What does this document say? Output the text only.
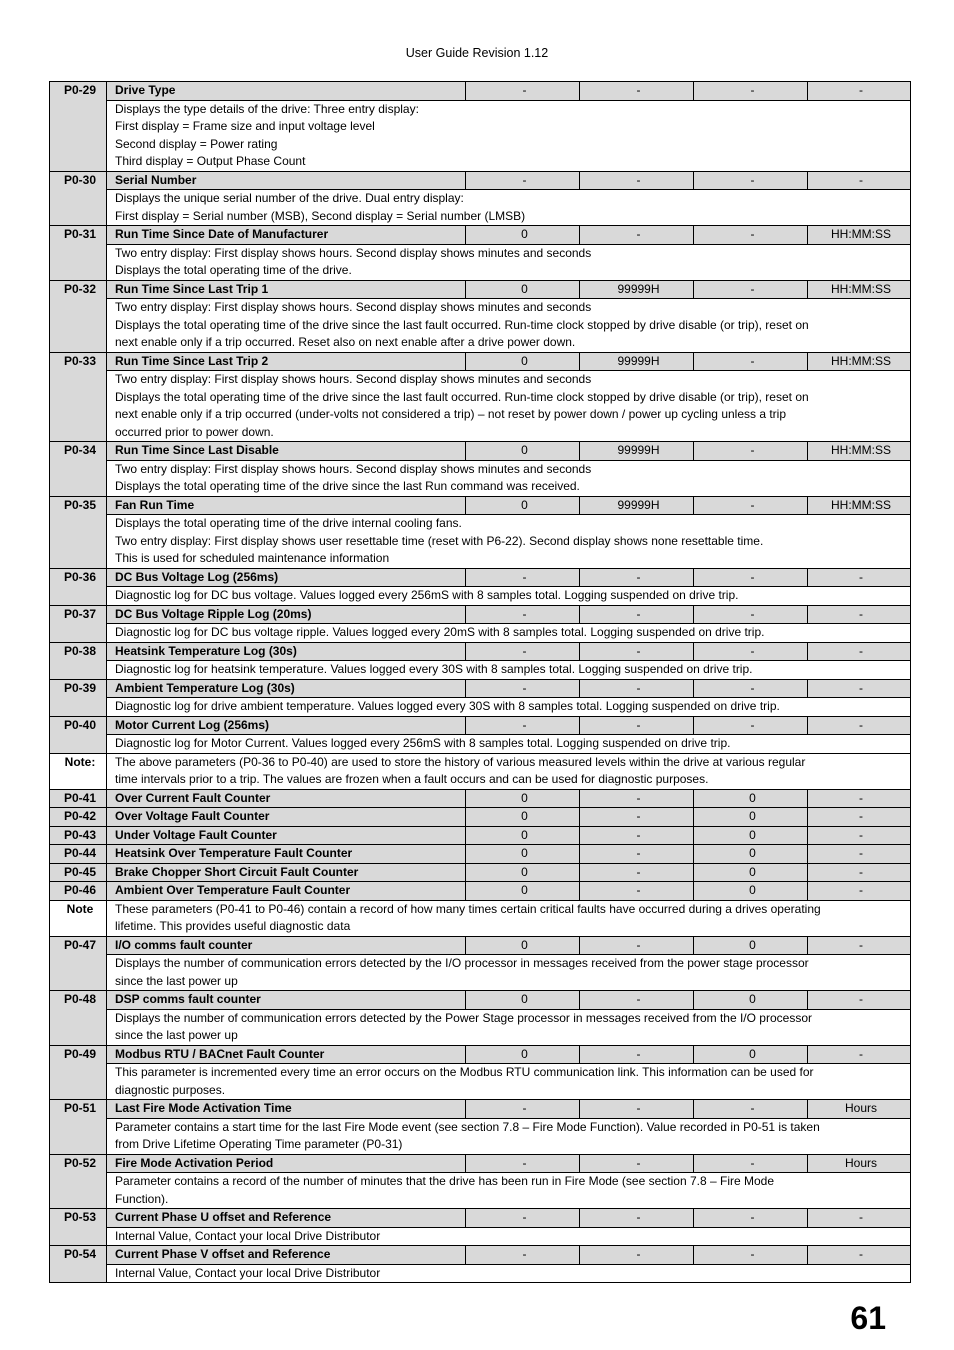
User Guide Revision 1.12
P0-29	Drive Type	-	-	-	-

	Displays the type details of the drive: Three entry display:
First display = Frame size and input voltage level
Second display = Power rating
Third display = Output Phase Count				

P0-30	Serial Number	-	-	-	-

	Displays the unique serial number of the drive. Dual entry display:
First display = Serial number (MSB), Second display = Serial number (LMSB)				

P0-31	Run Time Since Date of Manufacturer	0	-	-	HH:MM:SS

	Two entry display: First display shows hours. Second display shows minutes and seconds
Displays the total operating time of the drive.				

P0-32	Run Time Since Last Trip 1	0	99999H	-	HH:MM:SS

	Two entry display: First display shows hours. Second display shows minutes and seconds
Displays the total operating time of the drive since the last fault occurred. Run-time clock stopped by drive disable (or trip), reset on
next enable only if a trip occurred. Reset also on next enable after a drive power down.				

P0-33	Run Time Since Last Trip 2	0	99999H	-	HH:MM:SS

	Two entry display: First display shows hours. Second display shows minutes and seconds
Displays the total operating time of the drive since the last fault occurred. Run-time clock stopped by drive disable (or trip), reset on
next enable only if a trip occurred (under-volts not considered a trip) – not reset by power down / power up cycling unless a trip
occurred prior to power down.				

P0-34	Run Time Since Last Disable	0	99999H	-	HH:MM:SS

	Two entry display: First display shows hours. Second display shows minutes and seconds
Displays the total operating time of the drive since the last Run command was received.				

P0-35	Fan Run Time	0	99999H	-	HH:MM:SS

	Displays the total operating time of the drive internal cooling fans.
Two entry display: First display shows user resettable time (reset with P6-22). Second display shows none resettable time.
This is used for scheduled maintenance information				

P0-36	DC Bus Voltage Log (256ms)	-	-	-	-

	Diagnostic log for DC bus voltage. Values logged every 256mS with 8 samples total. Logging suspended on drive trip.				

P0-37	DC Bus Voltage Ripple Log (20ms)	-	-	-	-

	Diagnostic log for DC bus voltage ripple. Values logged every 20mS with 8 samples total. Logging suspended on drive trip.				

P0-38	Heatsink Temperature Log (30s)	-	-	-	-

	Diagnostic log for heatsink temperature. Values logged every 30S with 8 samples total. Logging suspended on drive trip.				

P0-39	Ambient Temperature Log (30s)	-	-	-	-

	Diagnostic log for drive ambient temperature. Values logged every 30S with 8 samples total. Logging suspended on drive trip.				

P0-40	Motor Current Log (256ms)	-	-	-	-

	Diagnostic log for Motor Current. Values logged every 256mS with 8 samples total. Logging suspended on drive trip.				

Note:	The above parameters (P0-36 to P0-40) are used to store the history of various measured levels within the drive at various regular
time intervals prior to a trip. The values are frozen when a fault occurs and can be used for diagnostic purposes.				

P0-41	Over Current Fault Counter	0	-	0	-
P0-42	Over Voltage Fault Counter	0	-	0	-
P0-43	Under Voltage Fault Counter	0	-	0	-
P0-44	Heatsink Over Temperature Fault Counter	0	-	0	-
P0-45	Brake Chopper Short Circuit Fault Counter	0	-	0	-
P0-46	Ambient Over Temperature Fault Counter	0	-	0	-
Note	These parameters (P0-41 to P0-46) contain a record of how many times certain critical faults have occurred during a drives operating
lifetime. This provides useful diagnostic data				

P0-47	I/O comms fault counter	0	-	0	-

	Displays the number of communication errors detected by the I/O processor in messages received from the power stage processor
since the last power up				

P0-48	DSP comms fault counter	0	-	0	-

	Displays the number of communication errors detected by the Power Stage processor in messages received from the I/O processor
since the last power up				

P0-49	Modbus RTU / BACnet Fault Counter	0	-	0	-

	This parameter is incremented every time an error occurs on the Modbus RTU communication link. This information can be used for
diagnostic purposes.				

P0-51	Last Fire Mode Activation Time	-	-	-	Hours

	Parameter contains a start time for the last Fire Mode event (see section 7.8 – Fire Mode Function). Value recorded in P0-51 is taken
from Drive Lifetime Operating Time parameter (P0-31)				

P0-52	Fire Mode Activation Period	-	-	-	Hours

	Parameter contains a record of the number of minutes that the drive has been run in Fire Mode (see section 7.8 – Fire Mode
Function).				

P0-53	Current Phase U offset and Reference	-	-	-	-

	Internal Value, Contact your local Drive Distributor				

P0-54	Current Phase V offset and Reference	-	-	-	-

	Internal Value, Contact your local Drive Distributor				
61
